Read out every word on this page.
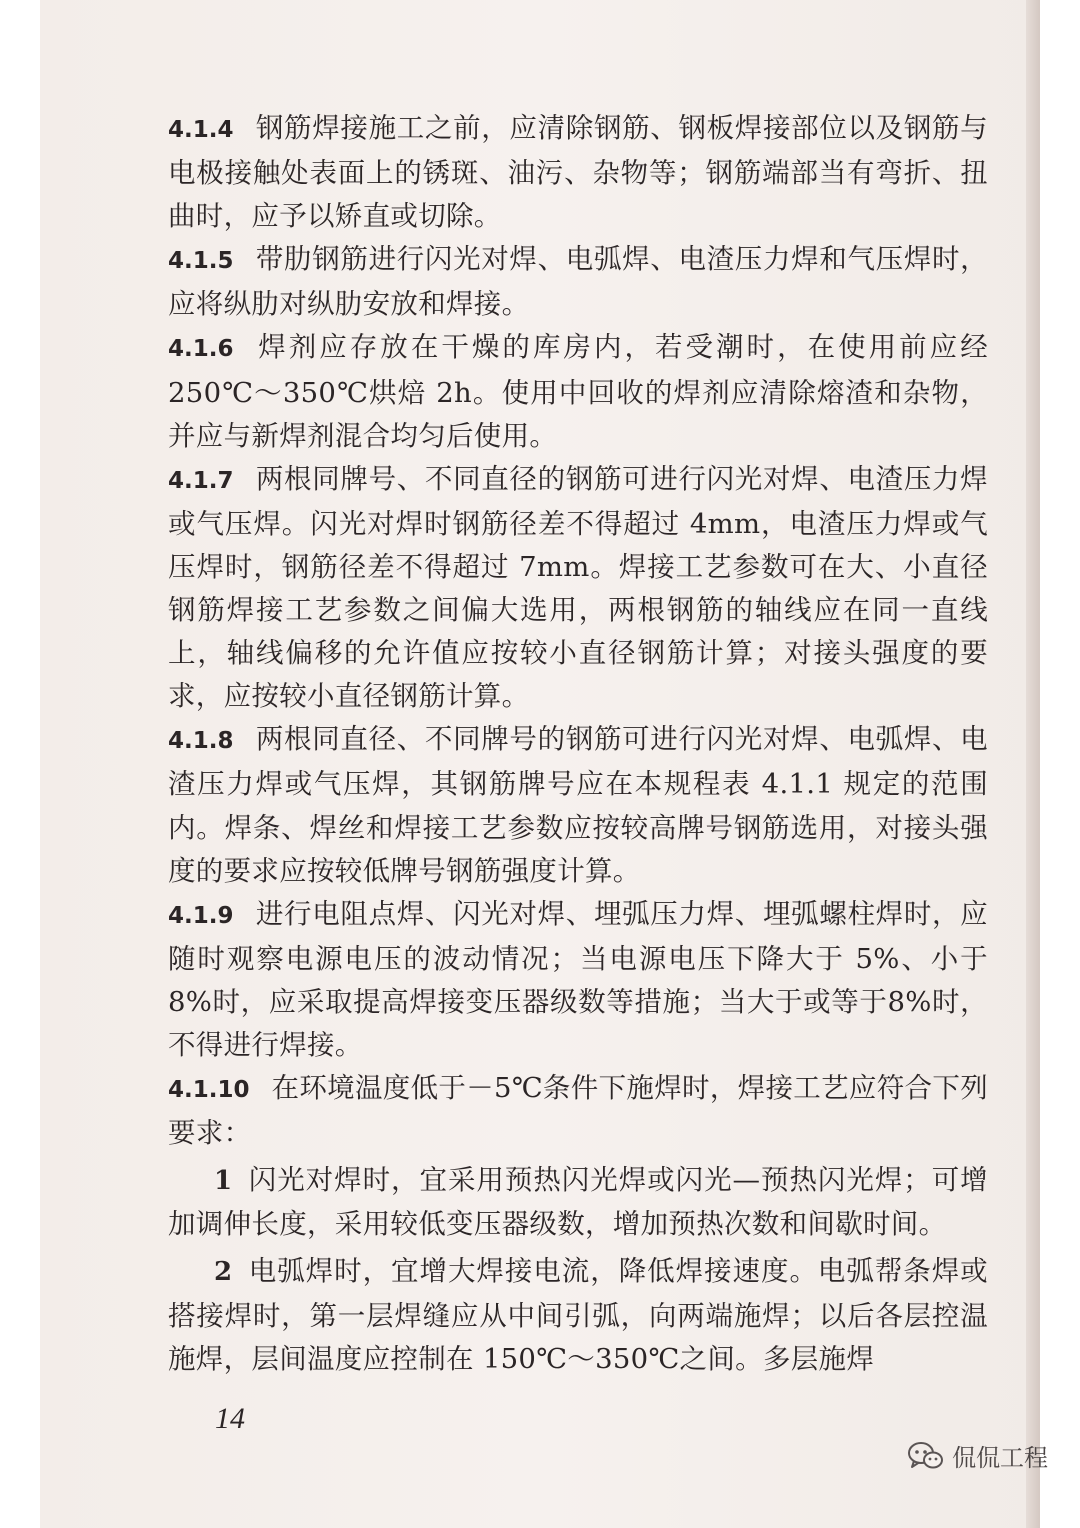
4.1.4 钢筋焊接施工之前，应清除钢筋、钢板焊接部位以及钢筋与电极接触处表面上的锈斑、油污、杂物等；钢筋端部当有弯折、扭曲时，应予以矫直或切除。
4.1.5 带肋钢筋进行闪光对焊、电弧焊、电渣压力焊和气压焊时，应将纵肋对纵肋安放和焊接。
4.1.6 焊剂应存放在干燥的库房内，若受潮时，在使用前应经250℃～350℃烘焙 2h。使用中回收的焊剂应清除熔渣和杂物，并应与新焊剂混合均匀后使用。
4.1.7 两根同牌号、不同直径的钢筋可进行闪光对焊、电渣压力焊或气压焊。闪光对焊时钢筋径差不得超过 4mm，电渣压力焊或气压焊时，钢筋径差不得超过 7mm。焊接工艺参数可在大、小直径钢筋焊接工艺参数之间偏大选用，两根钢筋的轴线应在同一直线上，轴线偏移的允许值应按较小直径钢筋计算；对接头强度的要求，应按较小直径钢筋计算。
4.1.8 两根同直径、不同牌号的钢筋可进行闪光对焊、电弧焊、电渣压力焊或气压焊，其钢筋牌号应在本规程表 4.1.1 规定的范围内。焊条、焊丝和焊接工艺参数应按较高牌号钢筋选用，对接头强度的要求应按较低牌号钢筋强度计算。
4.1.9 进行电阻点焊、闪光对焊、埋弧压力焊、埋弧螺柱焊时，应随时观察电源电压的波动情况；当电源电压下降大于 5%、小于 8%时，应采取提高焊接变压器级数等措施；当大于或等于8%时，不得进行焊接。
4.1.10 在环境温度低于－5℃条件下施焊时，焊接工艺应符合下列要求：
1 闪光对焊时，宜采用预热闪光焊或闪光—预热闪光焊；可增加调伸长度，采用较低变压器级数，增加预热次数和间歇时间。
2 电弧焊时，宜增大焊接电流，降低焊接速度。电弧帮条焊或搭接焊时，第一层焊缝应从中间引弧，向两端施焊；以后各层控温施焊，层间温度应控制在 150℃～350℃之间。多层施焊
14
侃侃工程
